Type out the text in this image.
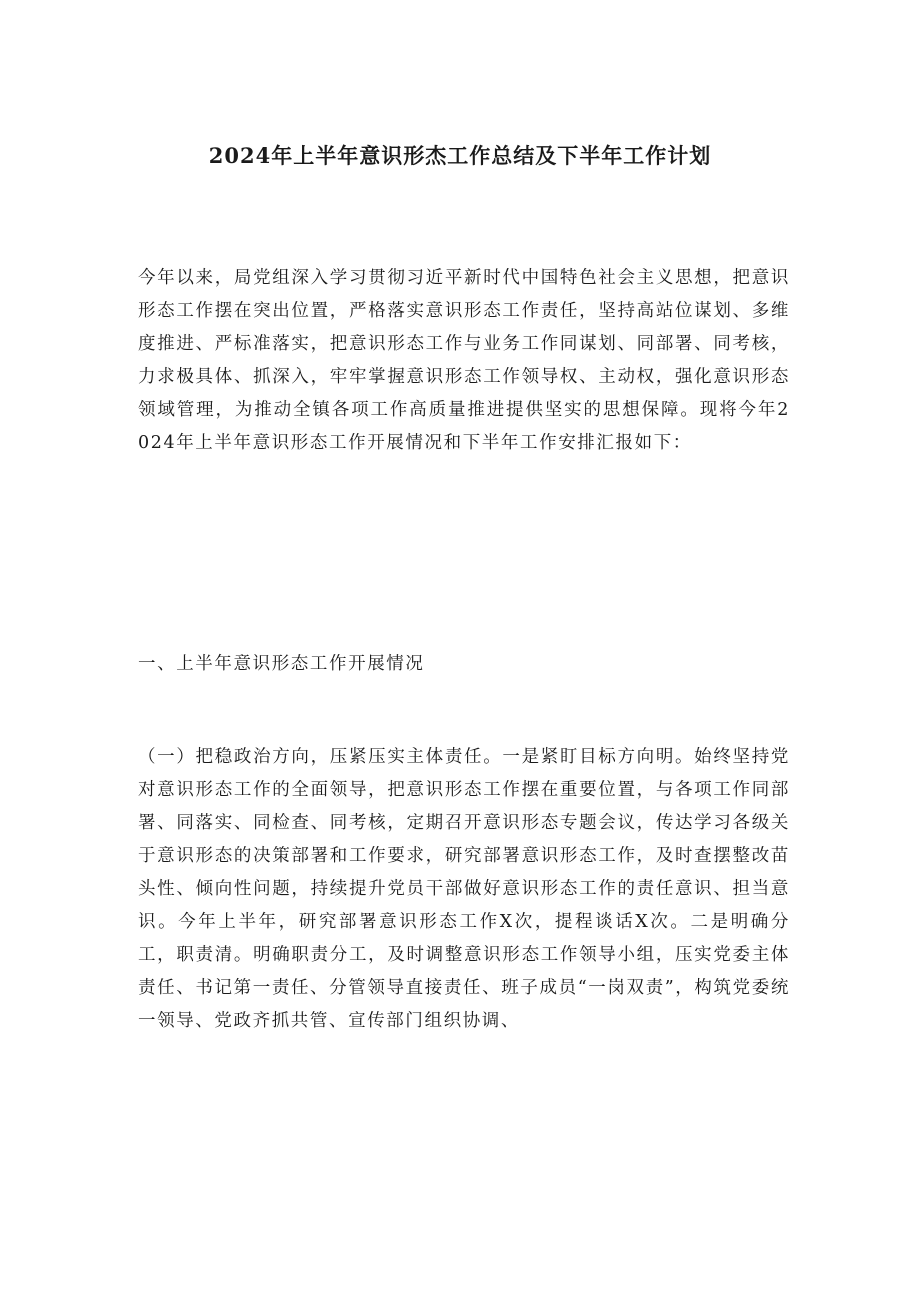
2024年上半年意识形杰工作总结及下半年工作计划

今年以来，局党组深入学习贯彻习近平新时代中国特色社会主义思想，把意识形态工作摆在突出位置，严格落实意识形态工作责任，坚持高站位谋划、多维度推进、严标准落实，把意识形态工作与业务工作同谋划、同部署、同考核，力求极具体、抓深入，牢牢掌握意识形态工作领导权、主动权，强化意识形态领域管理，为推动全镇各项工作高质量推进提供坚实的思想保障。现将今年2024年上半年意识形态工作开展情况和下半年工作安排汇报如下：

一、上半年意识形态工作开展情况

（一）把稳政治方向，压紧压实主体责任。一是紧盯目标方向明。始终坚持党对意识形态工作的全面领导，把意识形态工作摆在重要位置，与各项工作同部署、同落实、同检查、同考核，定期召开意识形态专题会议，传达学习各级关于意识形态的决策部署和工作要求，研究部署意识形态工作，及时查摆整改苗头性、倾向性问题，持续提升党员干部做好意识形态工作的责任意识、担当意识。今年上半年，研究部署意识形态工作X次，提程谈话X次。二是明确分工，职责清。明确职责分工，及时调整意识形态工作领导小组，压实党委主体责任、书记第一责任、分管领导直接责任、班子成员“一岗双责”，构筑党委统一领导、党政齐抓共管、宣传部门组织协调、
